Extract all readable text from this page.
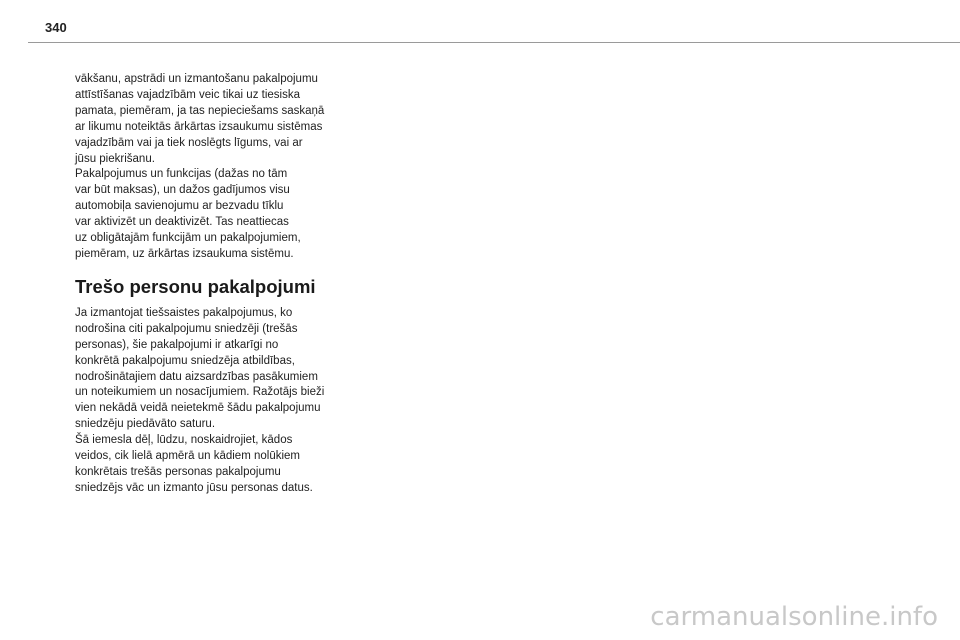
340

vākšanu, apstrādi un izmantošanu pakalpojumu
attīstīšanas vajadzībām veic tikai uz tiesiska
pamata, piemēram, ja tas nepieciešams saskaņā
ar likumu noteiktās ārkārtas izsaukumu sistēmas
vajadzībām vai ja tiek noslēgts līgums, vai ar
jūsu piekrišanu.
Pakalpojumus un funkcijas (dažas no tām
var būt maksas), un dažos gadījumos visu
automobiļa savienojumu ar bezvadu tīklu
var aktivizēt un deaktivizēt. Tas neattiecas
uz obligātajām funkcijām un pakalpojumiem,
piemēram, uz ārkārtas izsaukuma sistēmu.

Trešo personu pakalpojumi

Ja izmantojat tiešsaistes pakalpojumus, ko
nodrošina citi pakalpojumu sniedzēji (trešās
personas), šie pakalpojumi ir atkarīgi no
konkrētā pakalpojumu sniedzēja atbildības,
nodrošinātajiem datu aizsardzības pasākumiem
un noteikumiem un nosacījumiem. Ražotājs bieži
vien nekādā veidā neietekmē šādu pakalpojumu
sniedzēju piedāvāto saturu.
Šā iemesla dēļ, lūdzu, noskaidrojiet, kādos
veidos, cik lielā apmērā un kādiem nolūkiem
konkrētais trešās personas pakalpojumu
sniedzējs vāc un izmanto jūsu personas datus.

carmanualsonline.info
